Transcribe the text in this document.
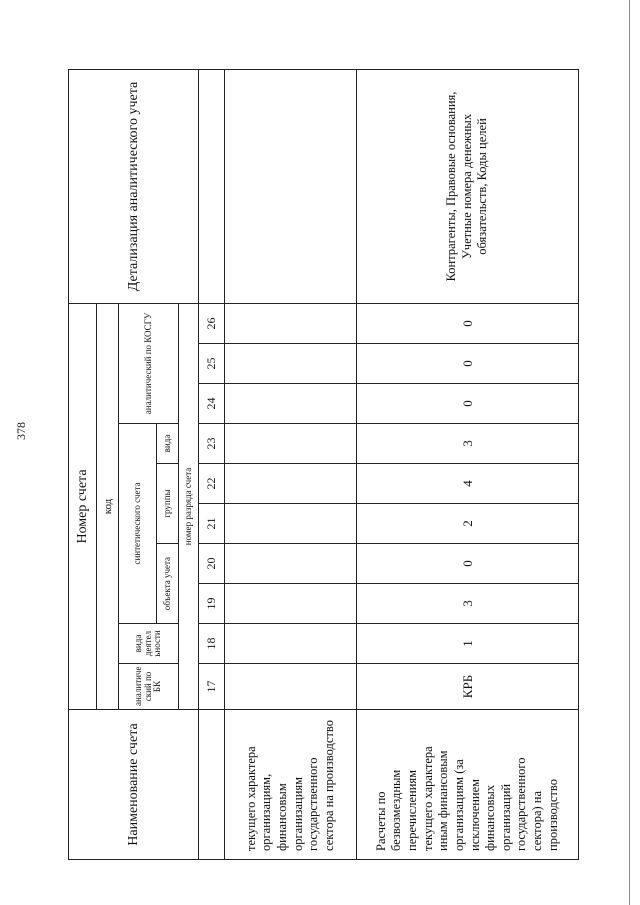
378
Наименование счета	Номер счета										Детализация аналитического учета
	код										
	аналитиче ский по БК	вида деятел ьности	синтетического счета					аналитический по КОСГУ			
			объекта учета		группы		вида				
	номер разряда счета										
	17	18	19	20	21	22	23	24	25	26	
текущего характера организациям, финансовым организациям государственного сектора на производство											
Расчеты по безвозмездным перечислениям текущего характера иным финансовым организациям (за исключением финансовых организаций государственного сектора) на производство	КРБ	1	3	0	2	4	3	0	0	0	Контрагенты, Правовые основания, Учетные номера денежных обязательств, Коды целей
